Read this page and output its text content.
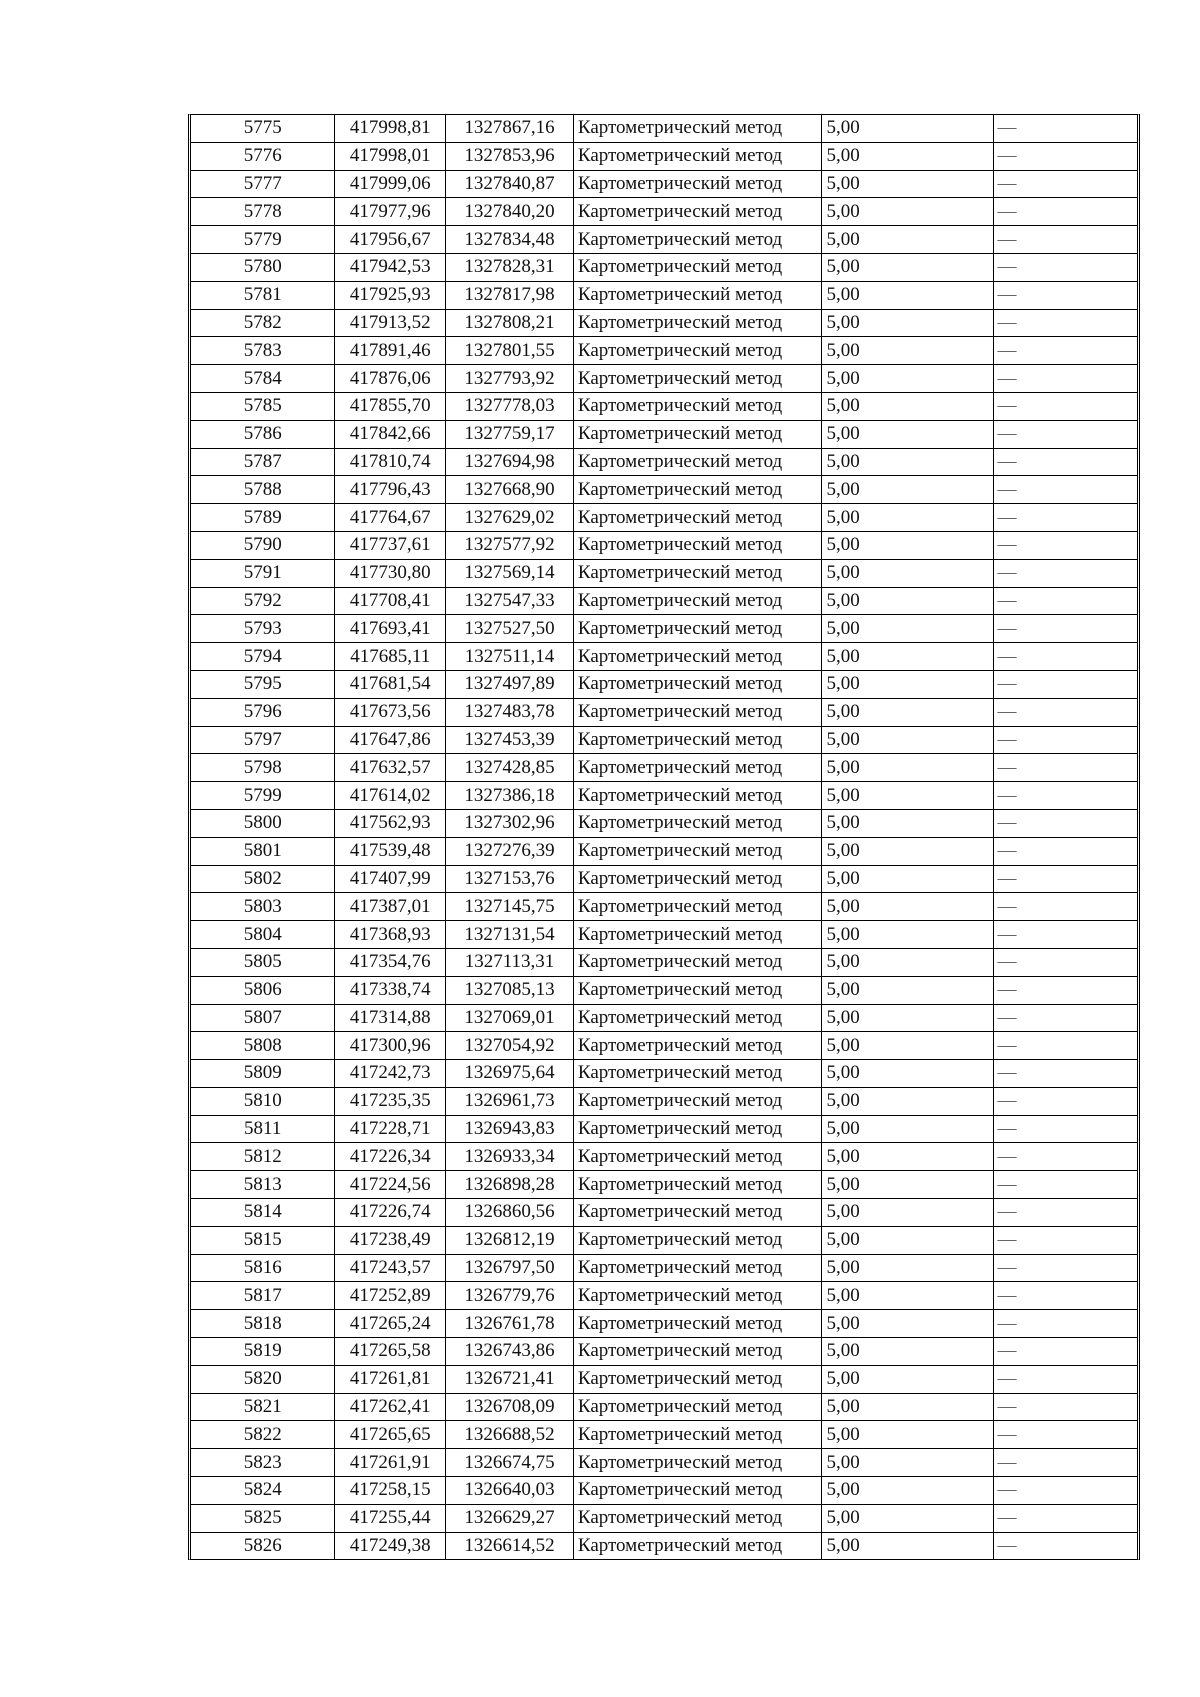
5775	417998,81	1327867,16	Картометрический метод	5,00	—
5776	417998,01	1327853,96	Картометрический метод	5,00	—
5777	417999,06	1327840,87	Картометрический метод	5,00	—
5778	417977,96	1327840,20	Картометрический метод	5,00	—
5779	417956,67	1327834,48	Картометрический метод	5,00	—
5780	417942,53	1327828,31	Картометрический метод	5,00	—
5781	417925,93	1327817,98	Картометрический метод	5,00	—
5782	417913,52	1327808,21	Картометрический метод	5,00	—
5783	417891,46	1327801,55	Картометрический метод	5,00	—
5784	417876,06	1327793,92	Картометрический метод	5,00	—
5785	417855,70	1327778,03	Картометрический метод	5,00	—
5786	417842,66	1327759,17	Картометрический метод	5,00	—
5787	417810,74	1327694,98	Картометрический метод	5,00	—
5788	417796,43	1327668,90	Картометрический метод	5,00	—
5789	417764,67	1327629,02	Картометрический метод	5,00	—
5790	417737,61	1327577,92	Картометрический метод	5,00	—
5791	417730,80	1327569,14	Картометрический метод	5,00	—
5792	417708,41	1327547,33	Картометрический метод	5,00	—
5793	417693,41	1327527,50	Картометрический метод	5,00	—
5794	417685,11	1327511,14	Картометрический метод	5,00	—
5795	417681,54	1327497,89	Картометрический метод	5,00	—
5796	417673,56	1327483,78	Картометрический метод	5,00	—
5797	417647,86	1327453,39	Картометрический метод	5,00	—
5798	417632,57	1327428,85	Картометрический метод	5,00	—
5799	417614,02	1327386,18	Картометрический метод	5,00	—
5800	417562,93	1327302,96	Картометрический метод	5,00	—
5801	417539,48	1327276,39	Картометрический метод	5,00	—
5802	417407,99	1327153,76	Картометрический метод	5,00	—
5803	417387,01	1327145,75	Картометрический метод	5,00	—
5804	417368,93	1327131,54	Картометрический метод	5,00	—
5805	417354,76	1327113,31	Картометрический метод	5,00	—
5806	417338,74	1327085,13	Картометрический метод	5,00	—
5807	417314,88	1327069,01	Картометрический метод	5,00	—
5808	417300,96	1327054,92	Картометрический метод	5,00	—
5809	417242,73	1326975,64	Картометрический метод	5,00	—
5810	417235,35	1326961,73	Картометрический метод	5,00	—
5811	417228,71	1326943,83	Картометрический метод	5,00	—
5812	417226,34	1326933,34	Картометрический метод	5,00	—
5813	417224,56	1326898,28	Картометрический метод	5,00	—
5814	417226,74	1326860,56	Картометрический метод	5,00	—
5815	417238,49	1326812,19	Картометрический метод	5,00	—
5816	417243,57	1326797,50	Картометрический метод	5,00	—
5817	417252,89	1326779,76	Картометрический метод	5,00	—
5818	417265,24	1326761,78	Картометрический метод	5,00	—
5819	417265,58	1326743,86	Картометрический метод	5,00	—
5820	417261,81	1326721,41	Картометрический метод	5,00	—
5821	417262,41	1326708,09	Картометрический метод	5,00	—
5822	417265,65	1326688,52	Картометрический метод	5,00	—
5823	417261,91	1326674,75	Картометрический метод	5,00	—
5824	417258,15	1326640,03	Картометрический метод	5,00	—
5825	417255,44	1326629,27	Картометрический метод	5,00	—
5826	417249,38	1326614,52	Картометрический метод	5,00	—
